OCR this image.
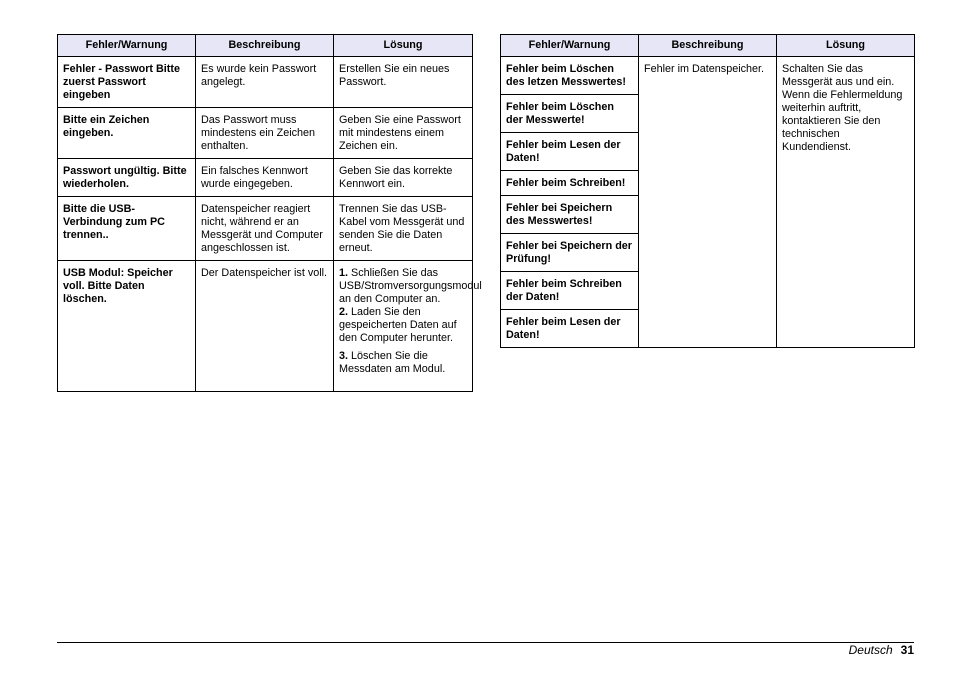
Fehler/Warnung	Beschreibung	Lösung
Fehler - Passwort Bitte zuerst Passwort eingeben	Es wurde kein Passwort angelegt.	Erstellen Sie ein neues Passwort.
Bitte ein Zeichen eingeben.	Das Passwort muss mindestens ein Zeichen enthalten.	Geben Sie eine Passwort mit mindestens einem Zeichen ein.
Passwort ungültig. Bitte wiederholen.	Ein falsches Kennwort wurde eingegeben.	Geben Sie das korrekte Kennwort ein.
Bitte die USB-Verbindung zum PC trennen..	Datenspeicher reagiert nicht, während er an Messgerät und Computer angeschlossen ist.	Trennen Sie das USB-Kabel vom Messgerät und senden Sie die Daten erneut.
USB Modul: Speicher voll. Bitte Daten löschen.	Der Datenspeicher ist voll.	1. Schließen Sie das USB/Stromversorgungsmodul an den Computer an.
2. Laden Sie den gespeicherten Daten auf den Computer herunter.
3. Löschen Sie die Messdaten am Modul.
Fehler/Warnung	Beschreibung	Lösung
Fehler beim Löschen des letzen Messwertes!	Fehler im Datenspeicher.	Schalten Sie das Messgerät aus und ein. Wenn die Fehlermeldung weiterhin auftritt, kontaktieren Sie den technischen Kundendienst.
Fehler beim Löschen der Messwerte!		
Fehler beim Lesen der Daten!		
Fehler beim Schreiben!		
Fehler bei Speichern des Messwertes!		
Fehler bei Speichern der Prüfung!		
Fehler beim Schreiben der Daten!		
Fehler beim Lesen der Daten!		
Deutsch 31
